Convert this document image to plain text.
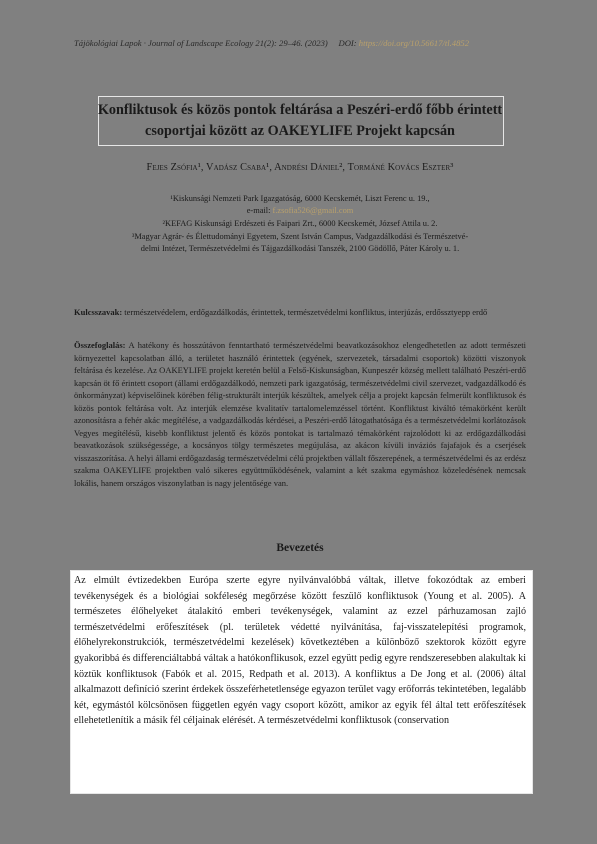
Tájökológiai Lapok · Journal of Landscape Ecology 21(2): 29–46. (2023) DOI: https://doi.org/10.56617/tl.4852
Konfliktusok és közös pontok feltárása a Peszéri-erdő főbb érintett
csoportjai között az OAKEYLIFE Projekt kapcsán
Fejes Zsófia¹, Vadász Csaba¹, Andrési Dániel², Tormáné Kovács Eszter³
¹Kiskunsági Nemzeti Park Igazgatóság, 6000 Kecskemét, Liszt Ferenc u. 19.,
e-mail: f.zsofia526@gmail.com
²KEFAG Kiskunsági Erdészeti és Faipari Zrt., 6000 Kecskemét, József Attila u. 2.
³Magyar Agrár- és Élettudományi Egyetem, Szent István Campus, Vadgazdálkodási és Természetvé-
delmi Intézet, Természetvédelmi és Tájgazdálkodási Tanszék, 2100 Gödöllő, Páter Károly u. 1.
Kulcsszavak: természetvédelem, erdőgazdálkodás, érintettek, természetvédelmi konfliktus, interjúzás, erdőssztyepp erdő
Összefoglalás: A hatékony és hosszútávon fenntartható természetvédelmi beavatkozásokhoz elengedhetetlen az adott természeti környezettel kapcsolatban álló, a területet használó érintettek (egyének, szervezetek, társadalmi csoportok) közötti viszonyok feltárása és kezelése. Az OAKEYLIFE projekt keretén belül a Felső-Kiskunságban, Kunpeszér község mellett található Peszéri-erdő kapcsán öt fő érintett csoport (állami erdőgazdálkodó, nemzeti park igazgatóság, természetvédelmi civil szervezet, vadgazdálkodó és önkormányzat) képviselőinek körében félig-strukturált interjúk készültek, amelyek célja a projekt kapcsán felmerült konfliktusok és közös pontok feltárása volt. Az interjúk elemzése kvalitatív tartalomelemzéssel történt. Konfliktust kiváltó témakörként került azonosításra a fehér akác megítélése, a vadgazdálkodás kérdései, a Peszéri-erdő látogathatósága és a természetvédelmi korlátozások Vegyes megítélésű, kisebb konfliktust jelentő és közös pontokat is tartalmazó témakörként rajzolódott ki az erdőgazdálkodási beavatkozások szükségessége, a kocsányos tölgy természetes megújulása, az akácon kívüli inváziós fajafajok és a cserjések visszaszorítása. A helyi állami erdőgazdaság természetvédelmi célú projektben vállalt főszerepének, a természetvédelmi és az erdész szakma OAKEYLIFE projektben való sikeres együttműködésének, valamint a két szakma egymáshoz közeledésének nemcsak lokális, hanem országos viszonylatban is nagy jelentősége van.
Bevezetés
Az elmúlt évtizedekben Európa szerte egyre nyilvánvalóbbá váltak, illetve fokozódtak az emberi tevékenységek és a biológiai sokféleség megőrzése között feszülő konfliktusok (Young et al. 2005). A természetes élőhelyeket átalakító emberi tevékenységek, valamint az ezzel párhuzamosan zajló természetvédelmi erőfeszítések (pl. területek védetté nyilvánítása, faj-visszatelepítési programok, élőhelyrekonstrukciók, természetvédelmi kezelések) következtében a különböző szektorok között egyre gyakoribbá és differenciáltabbá váltak a hatókonflikusok, ezzel együtt pedig egyre rendszeresebben alakultak ki köztük konfliktusok (Fabók et al. 2015, Redpath et al. 2013). A konfliktus a De Jong et al. (2006) által alkalmazott definíció szerint érdekek összeférhetetlensége egyazon terület vagy erőforrás tekintetében, legalább két, egymástól kölcsönösen független egyén vagy csoport között, amikor az egyik fél által tett erőfeszítések ellehetetlenítik a másik fél céljainak elérését. A természetvédelmi konfliktusok (conservation
